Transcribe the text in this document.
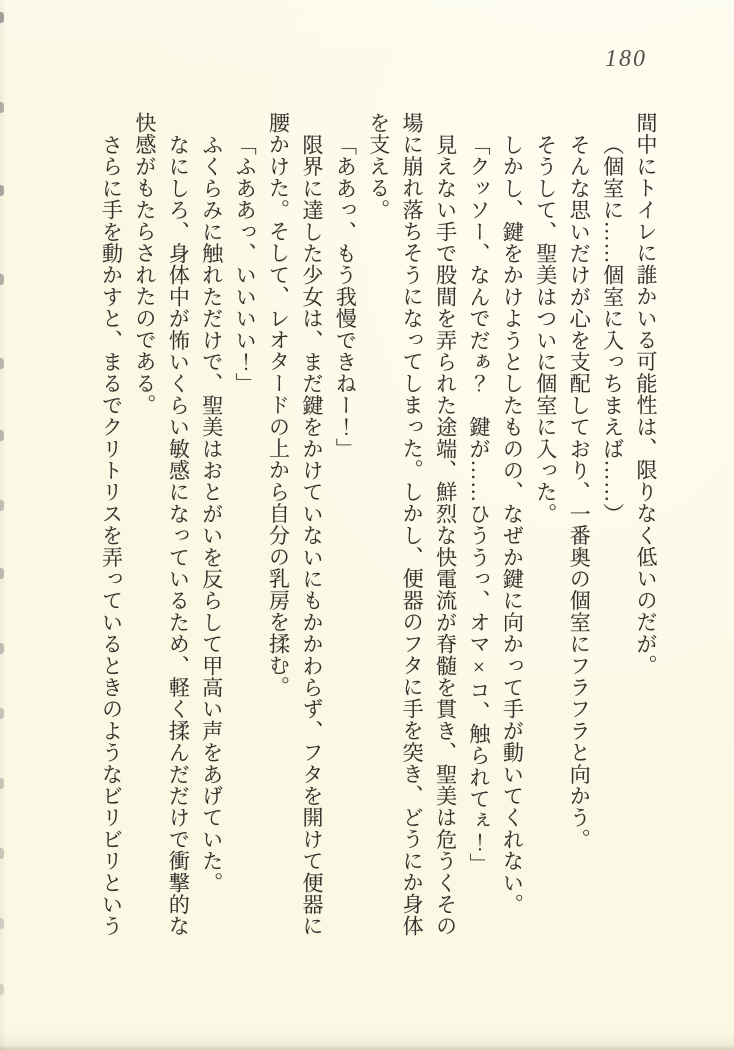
180

間中にトイレに誰かいる可能性は、限りなく低いのだが。

（個室に……個室に入っちまえば……）

そんな思いだけが心を支配しており、一番奥の個室にフラフラと向かう。

そうして、聖美はついに個室に入った。

しかし、鍵をかけようとしたものの、なぜか鍵に向かって手が動いてくれない。

「クッソー、なんでだぁ？　鍵が……ひううっ、オマ×コ、触られてぇ！」

見えない手で股間を弄られた途端、鮮烈な快電流が脊髄を貫き、聖美は危うくその場に崩れ落ちそうになってしまった。しかし、便器のフタに手を突き、どうにか身体を支える。

「ああっ、もう我慢できねー！」

限界に達した少女は、まだ鍵をかけていないにもかかわらず、フタを開けて便器に腰かけた。そして、レオタードの上から自分の乳房を揉む。

「ふああっ、いいいい！」

ふくらみに触れただけで、聖美はおとがいを反らして甲高い声をあげていた。

なにしろ、身体中が怖いくらい敏感になっているため、軽く揉んだだけで衝撃的な快感がもたらされたのである。

さらに手を動かすと、まるでクリトリスを弄っているときのようなビリビリという
